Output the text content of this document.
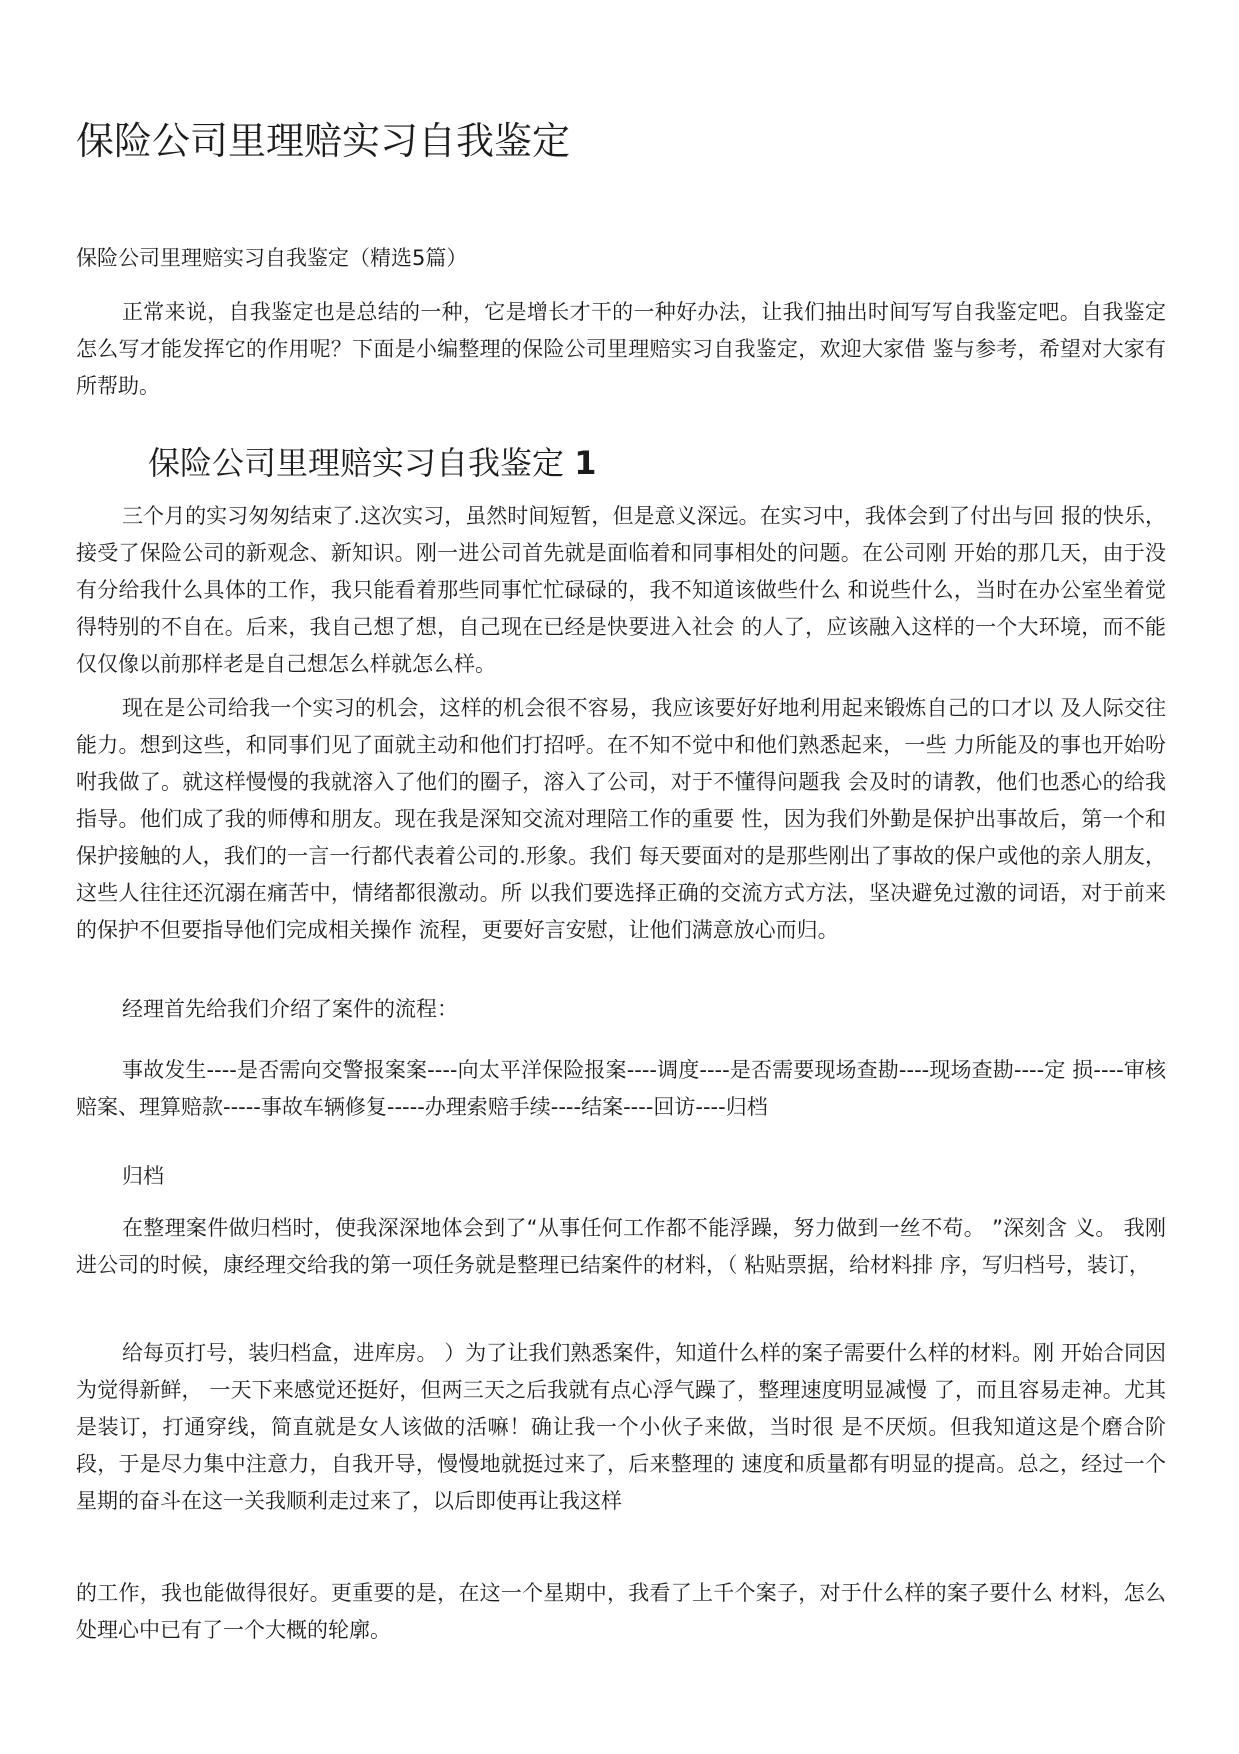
保险公司里理赔实习自我鉴定

保险公司里理赔实习自我鉴定（精选5篇）

正常来说，自我鉴定也是总结的一种，它是增长才干的一种好办法，让我们抽出时间写写自我鉴定吧。自我鉴定怎么写才能发挥它的作用呢？下面是小编整理的保险公司里理赔实习自我鉴定，欢迎大家借 鉴与参考，希望对大家有所帮助。

保险公司里理赔实习自我鉴定 1

三个月的实习匆匆结束了.这次实习，虽然时间短暂，但是意义深远。在实习中，我体会到了付出与回 报的快乐，接受了保险公司的新观念、新知识。刚一进公司首先就是面临着和同事相处的问题。在公司刚 开始的那几天，由于没有分给我什么具体的工作，我只能看着那些同事忙忙碌碌的，我不知道该做些什么 和说些什么，当时在办公室坐着觉得特别的不自在。后来，我自己想了想，自己现在已经是快要进入社会 的人了，应该融入这样的一个大环境，而不能仅仅像以前那样老是自己想怎么样就怎么样。

现在是公司给我一个实习的机会，这样的机会很不容易，我应该要好好地利用起来锻炼自己的口才以 及人际交往能力。想到这些，和同事们见了面就主动和他们打招呼。在不知不觉中和他们熟悉起来，一些 力所能及的事也开始吩咐我做了。就这样慢慢的我就溶入了他们的圈子，溶入了公司，对于不懂得问题我 会及时的请教，他们也悉心的给我指导。他们成了我的师傅和朋友。现在我是深知交流对理陪工作的重要 性，因为我们外勤是保护出事故后，第一个和保护接触的人，我们的一言一行都代表着公司的.形象。我们 每天要面对的是那些刚出了事故的保户或他的亲人朋友，这些人往往还沉溺在痛苦中，情绪都很激动。所 以我们要选择正确的交流方式方法，坚决避免过激的词语，对于前来的保护不但要指导他们完成相关操作 流程，更要好言安慰，让他们满意放心而归。

经理首先给我们介绍了案件的流程：

事故发生----是否需向交警报案案----向太平洋保险报案----调度----是否需要现场查勘----现场查勘----定 损----审核赔案、理算赔款-----事故车辆修复-----办理索赔手续----结案----回访----归档

归档

在整理案件做归档时，使我深深地体会到了“从事任何工作都不能浮躁，努力做到一丝不苟。 ”深刻含 义。 我刚进公司的时候，康经理交给我的第一项任务就是整理已结案件的材料，（ 粘贴票据，给材料排 序，写归档号，装订，

给每页打号，装归档盒，进库房。 ）为了让我们熟悉案件，知道什么样的案子需要什么样的材料。刚 开始合同因为觉得新鲜， 一天下来感觉还挺好，但两三天之后我就有点心浮气躁了，整理速度明显减慢 了，而且容易走神。尤其是装订，打通穿线，简直就是女人该做的活嘛！确让我一个小伙子来做，当时很 是不厌烦。但我知道这是个磨合阶段，于是尽力集中注意力，自我开导，慢慢地就挺过来了，后来整理的 速度和质量都有明显的提高。总之，经过一个星期的奋斗在这一关我顺利走过来了，以后即使再让我这样

的工作，我也能做得很好。更重要的是，在这一个星期中，我看了上千个案子，对于什么样的案子要什么 材料，怎么处理心中已有了一个大概的轮廓。
